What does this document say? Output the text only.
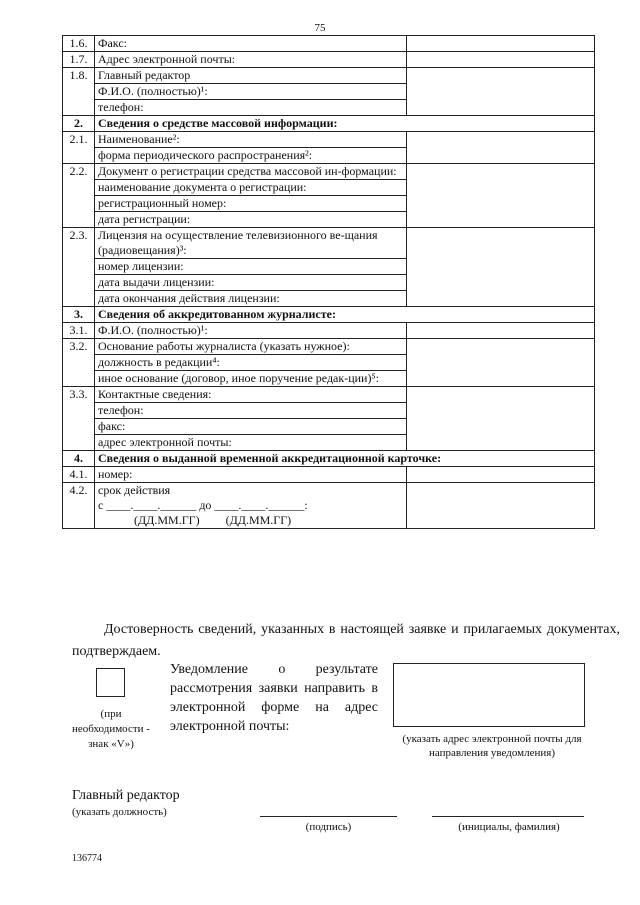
75
1.6.	Факс:	

1.7.	Адрес электронной почты:	

1.8.	Главный редактор
Ф.И.О. (полностью)¹:
телефон:	

2.	Сведения о средстве массовой информации:	
2.1.	Наименование²:
форма периодического распространения²:	

2.2.	Документ о регистрации средства массовой ин-формации:
наименование документа о регистрации:
регистрационный номер:
дата регистрации:	

2.3.	Лицензия на осуществление телевизионного ве-щания (радиовещания)³:
номер лицензии:
дата выдачи лицензии:
дата окончания действия лицензии:	

3.	Сведения об аккредитованном журналисте:	
3.1.	Ф.И.О. (полностью)¹:	

3.2.	Основание работы журналиста (указать нужное):
должность в редакции⁴:
иное основание (договор, иное поручение редак-ции)⁵:	

3.3.	Контактные сведения:
телефон:
факс:
адрес электронной почты:	

4.	Сведения о выданной временной аккредитационной карточке:	
4.1.	номер:	

4.2.	срок действия
с ____.____.______ до ____.____.______:
(ДД.ММ.ГГ) (ДД.ММ.ГГ)	

Достоверность сведений, указанных в настоящей заявке и прилагаемых документах, подтверждаем.

(при необходимости - знак «V»)
Уведомление о результате рассмотрения заявки направить в электронной форме на адрес электронной почты:
(указать адрес электронной почты для направления уведомления)
Главный редактор
(указать должность)
(подпись)	(инициалы, фамилия)
136774
